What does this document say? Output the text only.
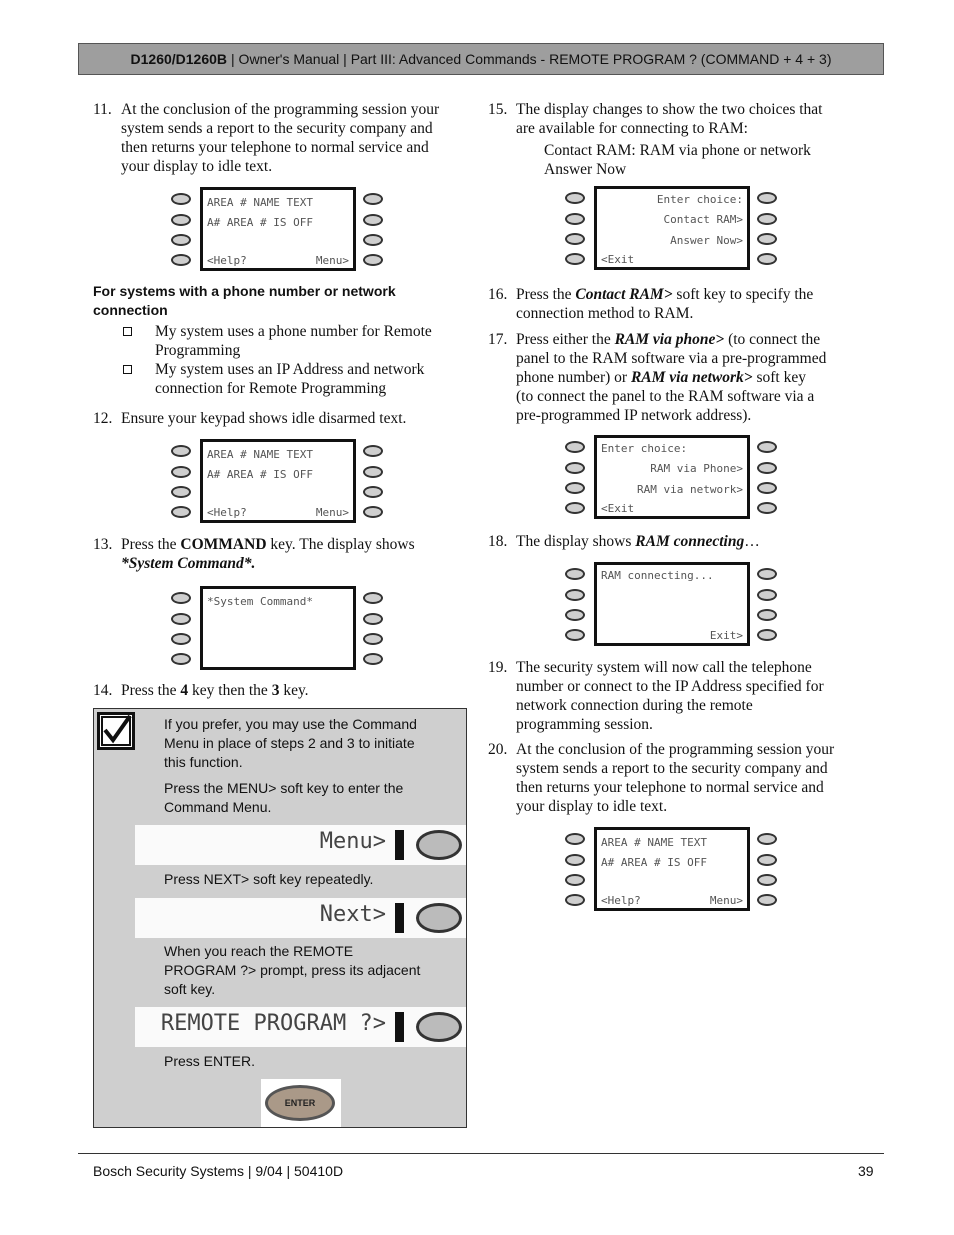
D1260/D1260B | Owner's Manual | Part III: Advanced Commands - REMOTE PROGRAM ? (COMMAND + 4 + 3)
11. At the conclusion of the programming session your
system sends a report to the security company and
then returns your telephone to normal service and
your display to idle text.
AREA # NAME TEXT
A# AREA # IS OFF
<Help?	Menu>
For systems with a phone number or network
connection
My system uses a phone number for Remote
Programming
My system uses an IP Address and network
connection for Remote Programming
12. Ensure your keypad shows idle disarmed text.
AREA # NAME TEXT
A# AREA # IS OFF
<Help?	Menu>
13. Press the COMMAND key. The display shows
*System Command*.
*System Command*
14. Press the 4 key then the 3 key.
If you prefer, you may use the Command
Menu in place of steps 2 and 3 to initiate
this function.
Press the MENU> soft key to enter the
Command Menu.
Menu>
Press NEXT> soft key repeatedly.
Next>
When you reach the REMOTE
PROGRAM ?> prompt, press its adjacent
soft key.
REMOTE PROGRAM ?>
Press ENTER.
ENTER
15. The display changes to show the two choices that
are available for connecting to RAM:
Contact RAM: RAM via phone or network
Answer Now
Enter choice:
Contact RAM>
Answer Now>
<Exit
16. Press the Contact RAM> soft key to specify the
connection method to RAM.
17. Press either the RAM via phone> (to connect the
panel to the RAM software via a pre-programmed
phone number) or RAM via network> soft key
(to connect the panel to the RAM software via a
pre-programmed IP network address).
Enter choice:
RAM via Phone>
RAM via network>
<Exit
18. The display shows RAM connecting…
RAM connecting...
Exit>
19. The security system will now call the telephone
number or connect to the IP Address specified for
network connection during the remote
programming session.
20. At the conclusion of the programming session your
system sends a report to the security company and
then returns your telephone to normal service and
your display to idle text.
AREA # NAME TEXT
A# AREA # IS OFF
<Help?	Menu>
Bosch Security Systems | 9/04 | 50410D	39
